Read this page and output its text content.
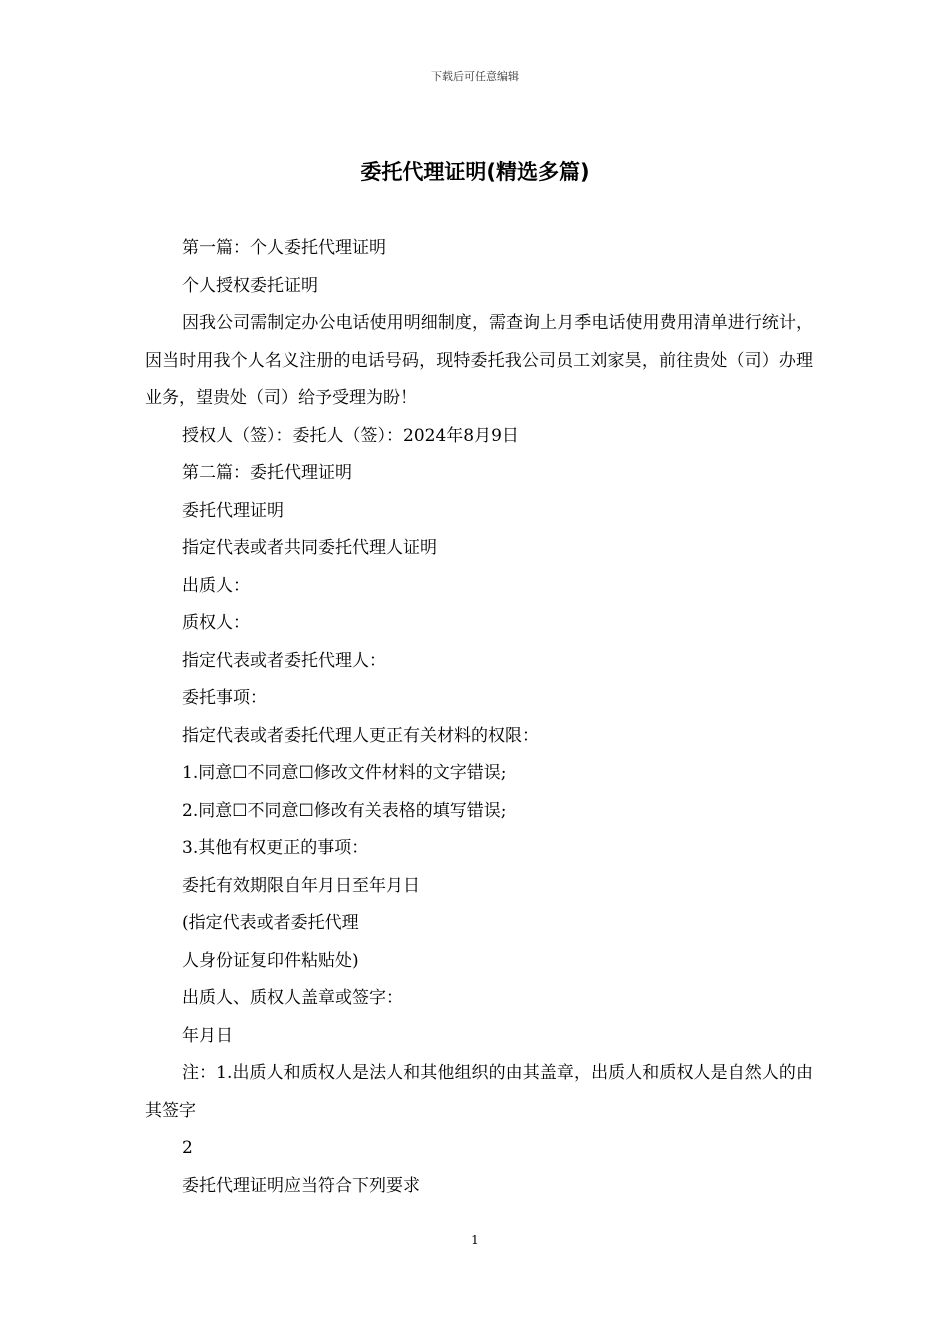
下载后可任意编辑
委托代理证明(精选多篇)

第一篇：个人委托代理证明

个人授权委托证明

因我公司需制定办公电话使用明细制度，需查询上月季电话使用费用清单进行统计，因当时用我个人名义注册的电话号码，现特委托我公司员工刘家昊，前往贵处（司）办理业务，望贵处（司）给予受理为盼！

授权人（签）：委托人（签）：2024年8月9日

第二篇：委托代理证明

委托代理证明

指定代表或者共同委托代理人证明

出质人：

质权人：

指定代表或者委托代理人：

委托事项：

指定代表或者委托代理人更正有关材料的权限：

1.同意☐不同意☐修改文件材料的文字错误;

2.同意☐不同意☐修改有关表格的填写错误;

3.其他有权更正的事项：

委托有效期限自年月日至年月日

(指定代表或者委托代理

人身份证复印件粘贴处)

出质人、质权人盖章或签字：

年月日

注：1.出质人和质权人是法人和其他组织的由其盖章，出质人和质权人是自然人的由其签字

2

委托代理证明应当符合下列要求

1
